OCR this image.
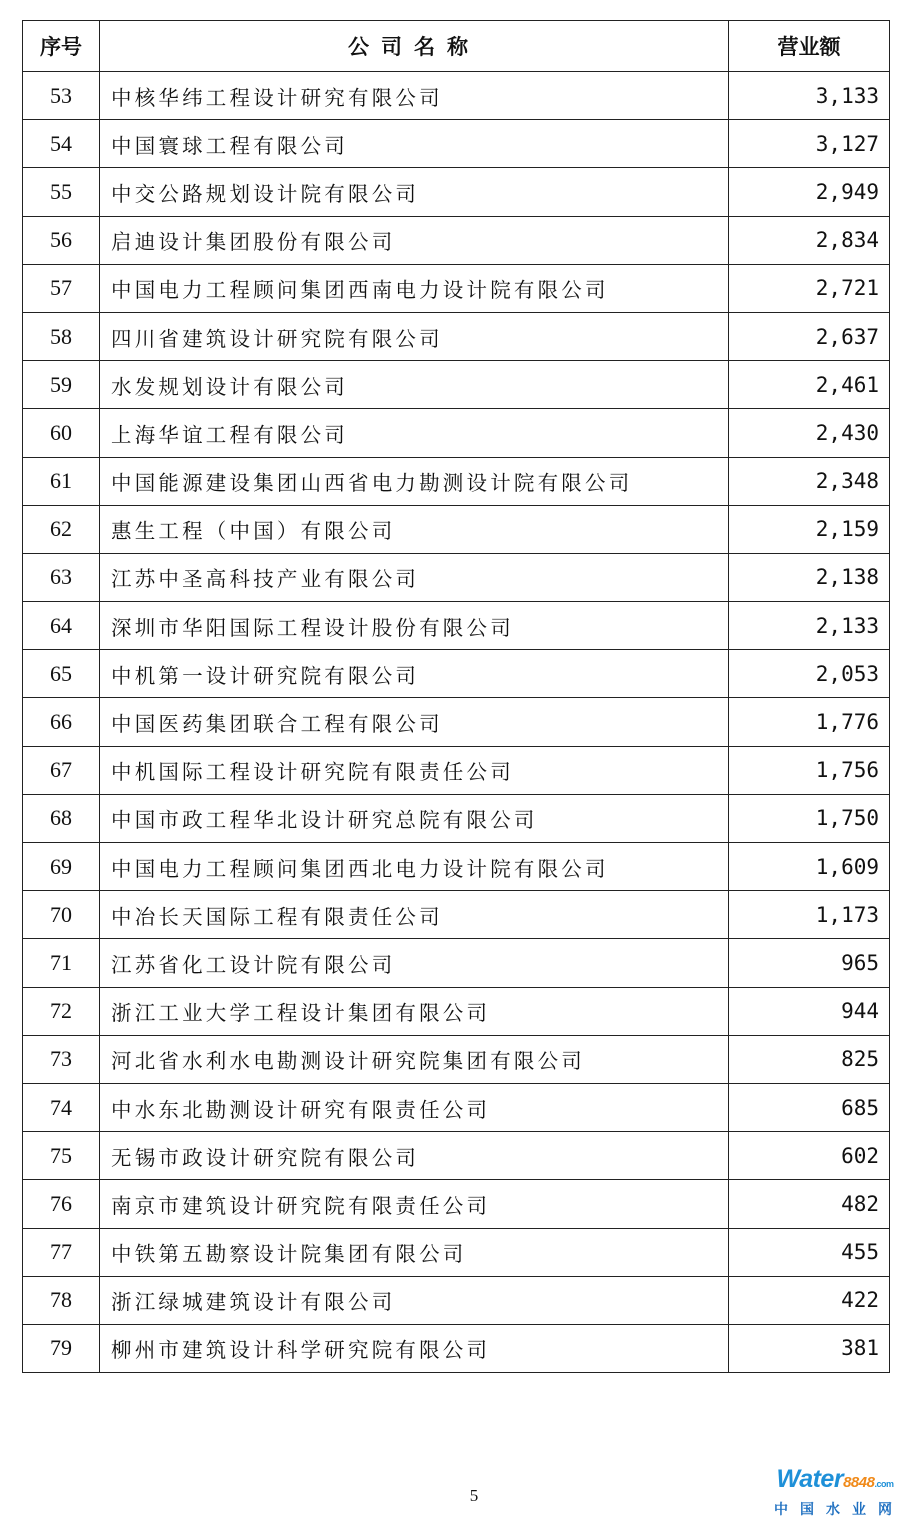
序号	公司名称	营业额
53	中核华纬工程设计研究有限公司	3,133
54	中国寰球工程有限公司	3,127
55	中交公路规划设计院有限公司	2,949
56	启迪设计集团股份有限公司	2,834
57	中国电力工程顾问集团西南电力设计院有限公司	2,721
58	四川省建筑设计研究院有限公司	2,637
59	水发规划设计有限公司	2,461
60	上海华谊工程有限公司	2,430
61	中国能源建设集团山西省电力勘测设计院有限公司	2,348
62	惠生工程（中国）有限公司	2,159
63	江苏中圣高科技产业有限公司	2,138
64	深圳市华阳国际工程设计股份有限公司	2,133
65	中机第一设计研究院有限公司	2,053
66	中国医药集团联合工程有限公司	1,776
67	中机国际工程设计研究院有限责任公司	1,756
68	中国市政工程华北设计研究总院有限公司	1,750
69	中国电力工程顾问集团西北电力设计院有限公司	1,609
70	中冶长天国际工程有限责任公司	1,173
71	江苏省化工设计院有限公司	965
72	浙江工业大学工程设计集团有限公司	944
73	河北省水利水电勘测设计研究院集团有限公司	825
74	中水东北勘测设计研究有限责任公司	685
75	无锡市政设计研究院有限公司	602
76	南京市建筑设计研究院有限责任公司	482
77	中铁第五勘察设计院集团有限公司	455
78	浙江绿城建筑设计有限公司	422
79	柳州市建筑设计科学研究院有限公司	381
5
Water8848.com
中国水业网
